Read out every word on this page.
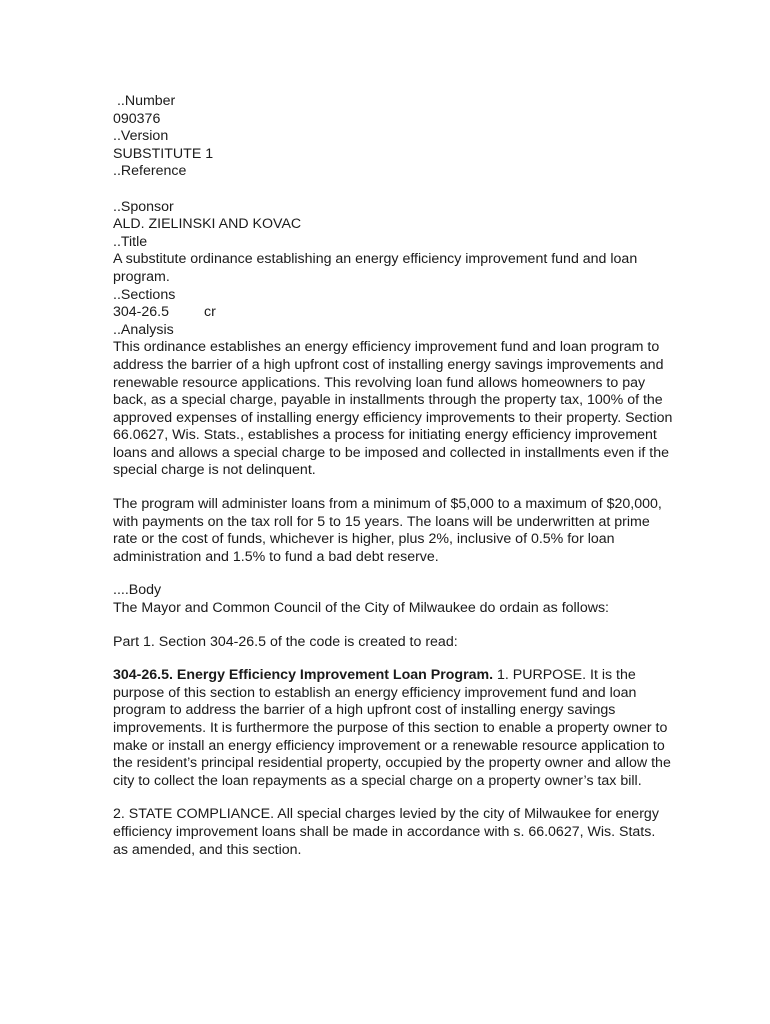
..Number
090376
..Version
SUBSTITUTE 1
..Reference
..Sponsor
ALD. ZIELINSKI AND KOVAC
..Title
A substitute ordinance establishing an energy efficiency improvement fund and loan program.
..Sections
304-26.5 cr
..Analysis
This ordinance establishes an energy efficiency improvement fund and loan program to address the barrier of a high upfront cost of installing energy savings improvements and renewable resource applications. This revolving loan fund allows homeowners to pay back, as a special charge, payable in installments through the property tax, 100% of the approved expenses of installing energy efficiency improvements to their property. Section 66.0627, Wis. Stats., establishes a process for initiating energy efficiency improvement loans and allows a special charge to be imposed and collected in installments even if the special charge is not delinquent.
The program will administer loans from a minimum of $5,000 to a maximum of $20,000, with payments on the tax roll for 5 to 15 years. The loans will be underwritten at prime rate or the cost of funds, whichever is higher, plus 2%, inclusive of 0.5% for loan administration and 1.5% to fund a bad debt reserve.
....Body
The Mayor and Common Council of the City of Milwaukee do ordain as follows:
Part 1. Section 304-26.5 of the code is created to read:
304-26.5. Energy Efficiency Improvement Loan Program. 1. PURPOSE. It is the purpose of this section to establish an energy efficiency improvement fund and loan program to address the barrier of a high upfront cost of installing energy savings improvements. It is furthermore the purpose of this section to enable a property owner to make or install an energy efficiency improvement or a renewable resource application to the resident’s principal residential property, occupied by the property owner and allow the city to collect the loan repayments as a special charge on a property owner’s tax bill.
2. STATE COMPLIANCE. All special charges levied by the city of Milwaukee for energy efficiency improvement loans shall be made in accordance with s. 66.0627, Wis. Stats. as amended, and this section.
